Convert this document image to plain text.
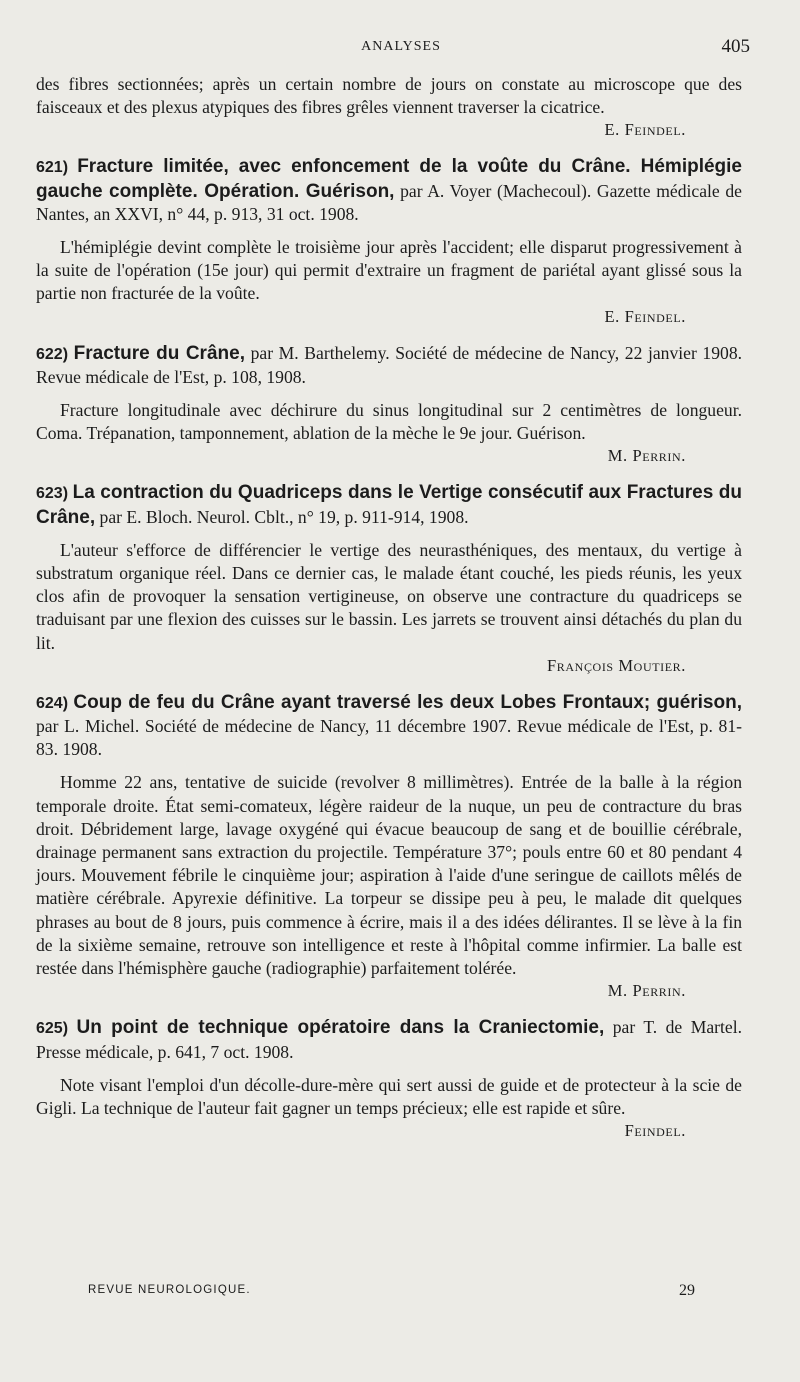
ANALYSES	405

des fibres sectionnées; après un certain nombre de jours on constate au microscope que des faisceaux et des plexus atypiques des fibres grêles viennent traverser la cicatrice.

E. Feindel.

621) Fracture limitée, avec enfoncement de la voûte du Crâne. Hémiplégie gauche complète. Opération. Guérison, par A. Voyer (Machecoul). Gazette médicale de Nantes, an XXVI, n° 44, p. 913, 31 oct. 1908.

L'hémiplégie devint complète le troisième jour après l'accident; elle disparut progressivement à la suite de l'opération (15e jour) qui permit d'extraire un fragment de pariétal ayant glissé sous la partie non fracturée de la voûte.

E. Feindel.

622) Fracture du Crâne, par M. Barthelemy. Société de médecine de Nancy, 22 janvier 1908. Revue médicale de l'Est, p. 108, 1908.

Fracture longitudinale avec déchirure du sinus longitudinal sur 2 centimètres de longueur. Coma. Trépanation, tamponnement, ablation de la mèche le 9e jour. Guérison.

M. Perrin.

623) La contraction du Quadriceps dans le Vertige consécutif aux Fractures du Crâne, par E. Bloch. Neurol. Cblt., n° 19, p. 911-914, 1908.

L'auteur s'efforce de différencier le vertige des neurasthéniques, des mentaux, du vertige à substratum organique réel. Dans ce dernier cas, le malade étant couché, les pieds réunis, les yeux clos afin de provoquer la sensation vertigineuse, on observe une contracture du quadriceps se traduisant par une flexion des cuisses sur le bassin. Les jarrets se trouvent ainsi détachés du plan du lit.

François Moutier.

624) Coup de feu du Crâne ayant traversé les deux Lobes Frontaux; guérison, par L. Michel. Société de médecine de Nancy, 11 décembre 1907. Revue médicale de l'Est, p. 81-83. 1908.

Homme 22 ans, tentative de suicide (revolver 8 millimètres). Entrée de la balle à la région temporale droite. État semi-comateux, légère raideur de la nuque, un peu de contracture du bras droit. Débridement large, lavage oxygéné qui évacue beaucoup de sang et de bouillie cérébrale, drainage permanent sans extraction du projectile. Température 37°; pouls entre 60 et 80 pendant 4 jours. Mouvement fébrile le cinquième jour; aspiration à l'aide d'une seringue de caillots mêlés de matière cérébrale. Apyrexie définitive. La torpeur se dissipe peu à peu, le malade dit quelques phrases au bout de 8 jours, puis commence à écrire, mais il a des idées délirantes. Il se lève à la fin de la sixième semaine, retrouve son intelligence et reste à l'hôpital comme infirmier. La balle est restée dans l'hémisphère gauche (radiographie) parfaitement tolérée.

M. Perrin.

625) Un point de technique opératoire dans la Craniectomie, par T. de Martel. Presse médicale, p. 641, 7 oct. 1908.

Note visant l'emploi d'un décolle-dure-mère qui sert aussi de guide et de protecteur à la scie de Gigli. La technique de l'auteur fait gagner un temps précieux; elle est rapide et sûre.

Feindel.

REVUE NEUROLOGIQUE.	29
